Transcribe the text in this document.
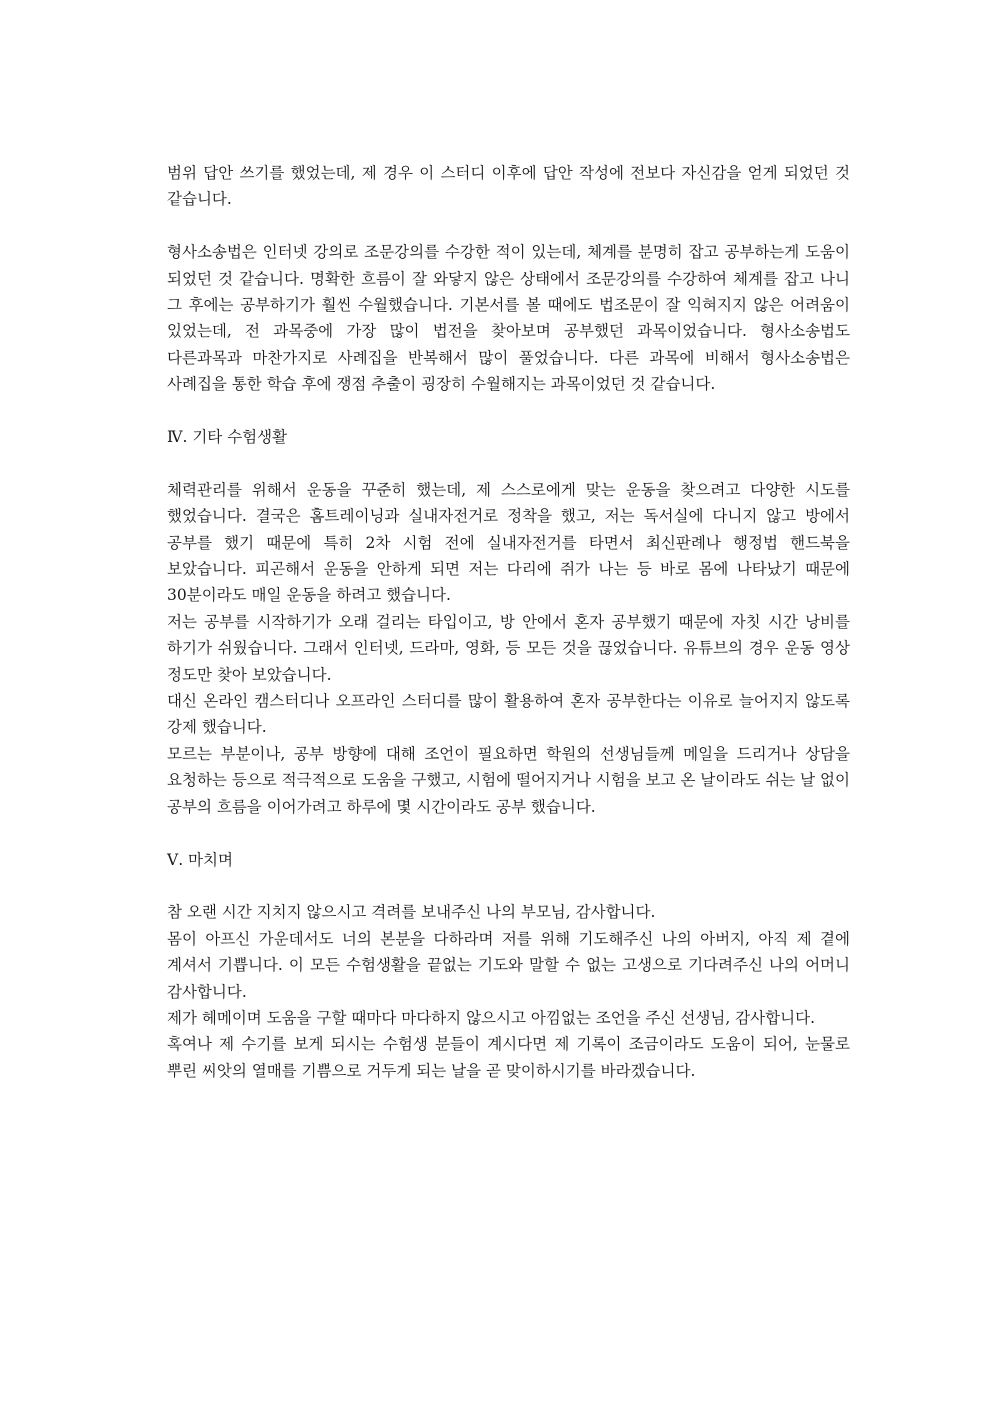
범위 답안 쓰기를 했었는데, 제 경우 이 스터디 이후에 답안 작성에 전보다 자신감을 얻게 되었던 것 같습니다.

형사소송법은 인터넷 강의로 조문강의를 수강한 적이 있는데, 체계를 분명히 잡고 공부하는게 도움이 되었던 것 같습니다. 명확한 흐름이 잘 와닿지 않은 상태에서 조문강의를 수강하여 체계를 잡고 나니 그 후에는 공부하기가 훨씬 수월했습니다. 기본서를 볼 때에도 법조문이 잘 익혀지지 않은 어려움이 있었는데, 전 과목중에 가장 많이 법전을 찾아보며 공부했던 과목이었습니다. 형사소송법도 다른과목과 마찬가지로 사례집을 반복해서 많이 풀었습니다. 다른 과목에 비해서 형사소송법은 사례집을 통한 학습 후에 쟁점 추출이 굉장히 수월해지는 과목이었던 것 같습니다.

Ⅳ. 기타 수험생활

체력관리를 위해서 운동을 꾸준히 했는데, 제 스스로에게 맞는 운동을 찾으려고 다양한 시도를 했었습니다. 결국은 홈트레이닝과 실내자전거로 정착을 했고, 저는 독서실에 다니지 않고 방에서 공부를 했기 때문에 특히 2차 시험 전에 실내자전거를 타면서 최신판례나 행정법 핸드북을 보았습니다. 피곤해서 운동을 안하게 되면 저는 다리에 쥐가 나는 등 바로 몸에 나타났기 때문에 30분이라도 매일 운동을 하려고 했습니다.

저는 공부를 시작하기가 오래 걸리는 타입이고, 방 안에서 혼자 공부했기 때문에 자칫 시간 낭비를 하기가 쉬웠습니다. 그래서 인터넷, 드라마, 영화, 등 모든 것을 끊었습니다. 유튜브의 경우 운동 영상 정도만 찾아 보았습니다.

대신 온라인 캠스터디나 오프라인 스터디를 많이 활용하여 혼자 공부한다는 이유로 늘어지지 않도록 강제 했습니다.

모르는 부분이나, 공부 방향에 대해 조언이 필요하면 학원의 선생님들께 메일을 드리거나 상담을 요청하는 등으로 적극적으로 도움을 구했고, 시험에 떨어지거나 시험을 보고 온 날이라도 쉬는 날 없이 공부의 흐름을 이어가려고 하루에 몇 시간이라도 공부 했습니다.

Ⅴ. 마치며

참 오랜 시간 지치지 않으시고 격려를 보내주신 나의 부모님, 감사합니다.

몸이 아프신 가운데서도 너의 본분을 다하라며 저를 위해 기도해주신 나의 아버지, 아직 제 곁에 계셔서 기쁩니다. 이 모든 수험생활을 끝없는 기도와 말할 수 없는 고생으로 기다려주신 나의 어머니 감사합니다.

제가 헤메이며 도움을 구할 때마다 마다하지 않으시고 아낌없는 조언을 주신 선생님, 감사합니다.

혹여나 제 수기를 보게 되시는 수험생 분들이 계시다면 제 기록이 조금이라도 도움이 되어, 눈물로 뿌린 씨앗의 열매를 기쁨으로 거두게 되는 날을 곧 맞이하시기를 바라겠습니다.
